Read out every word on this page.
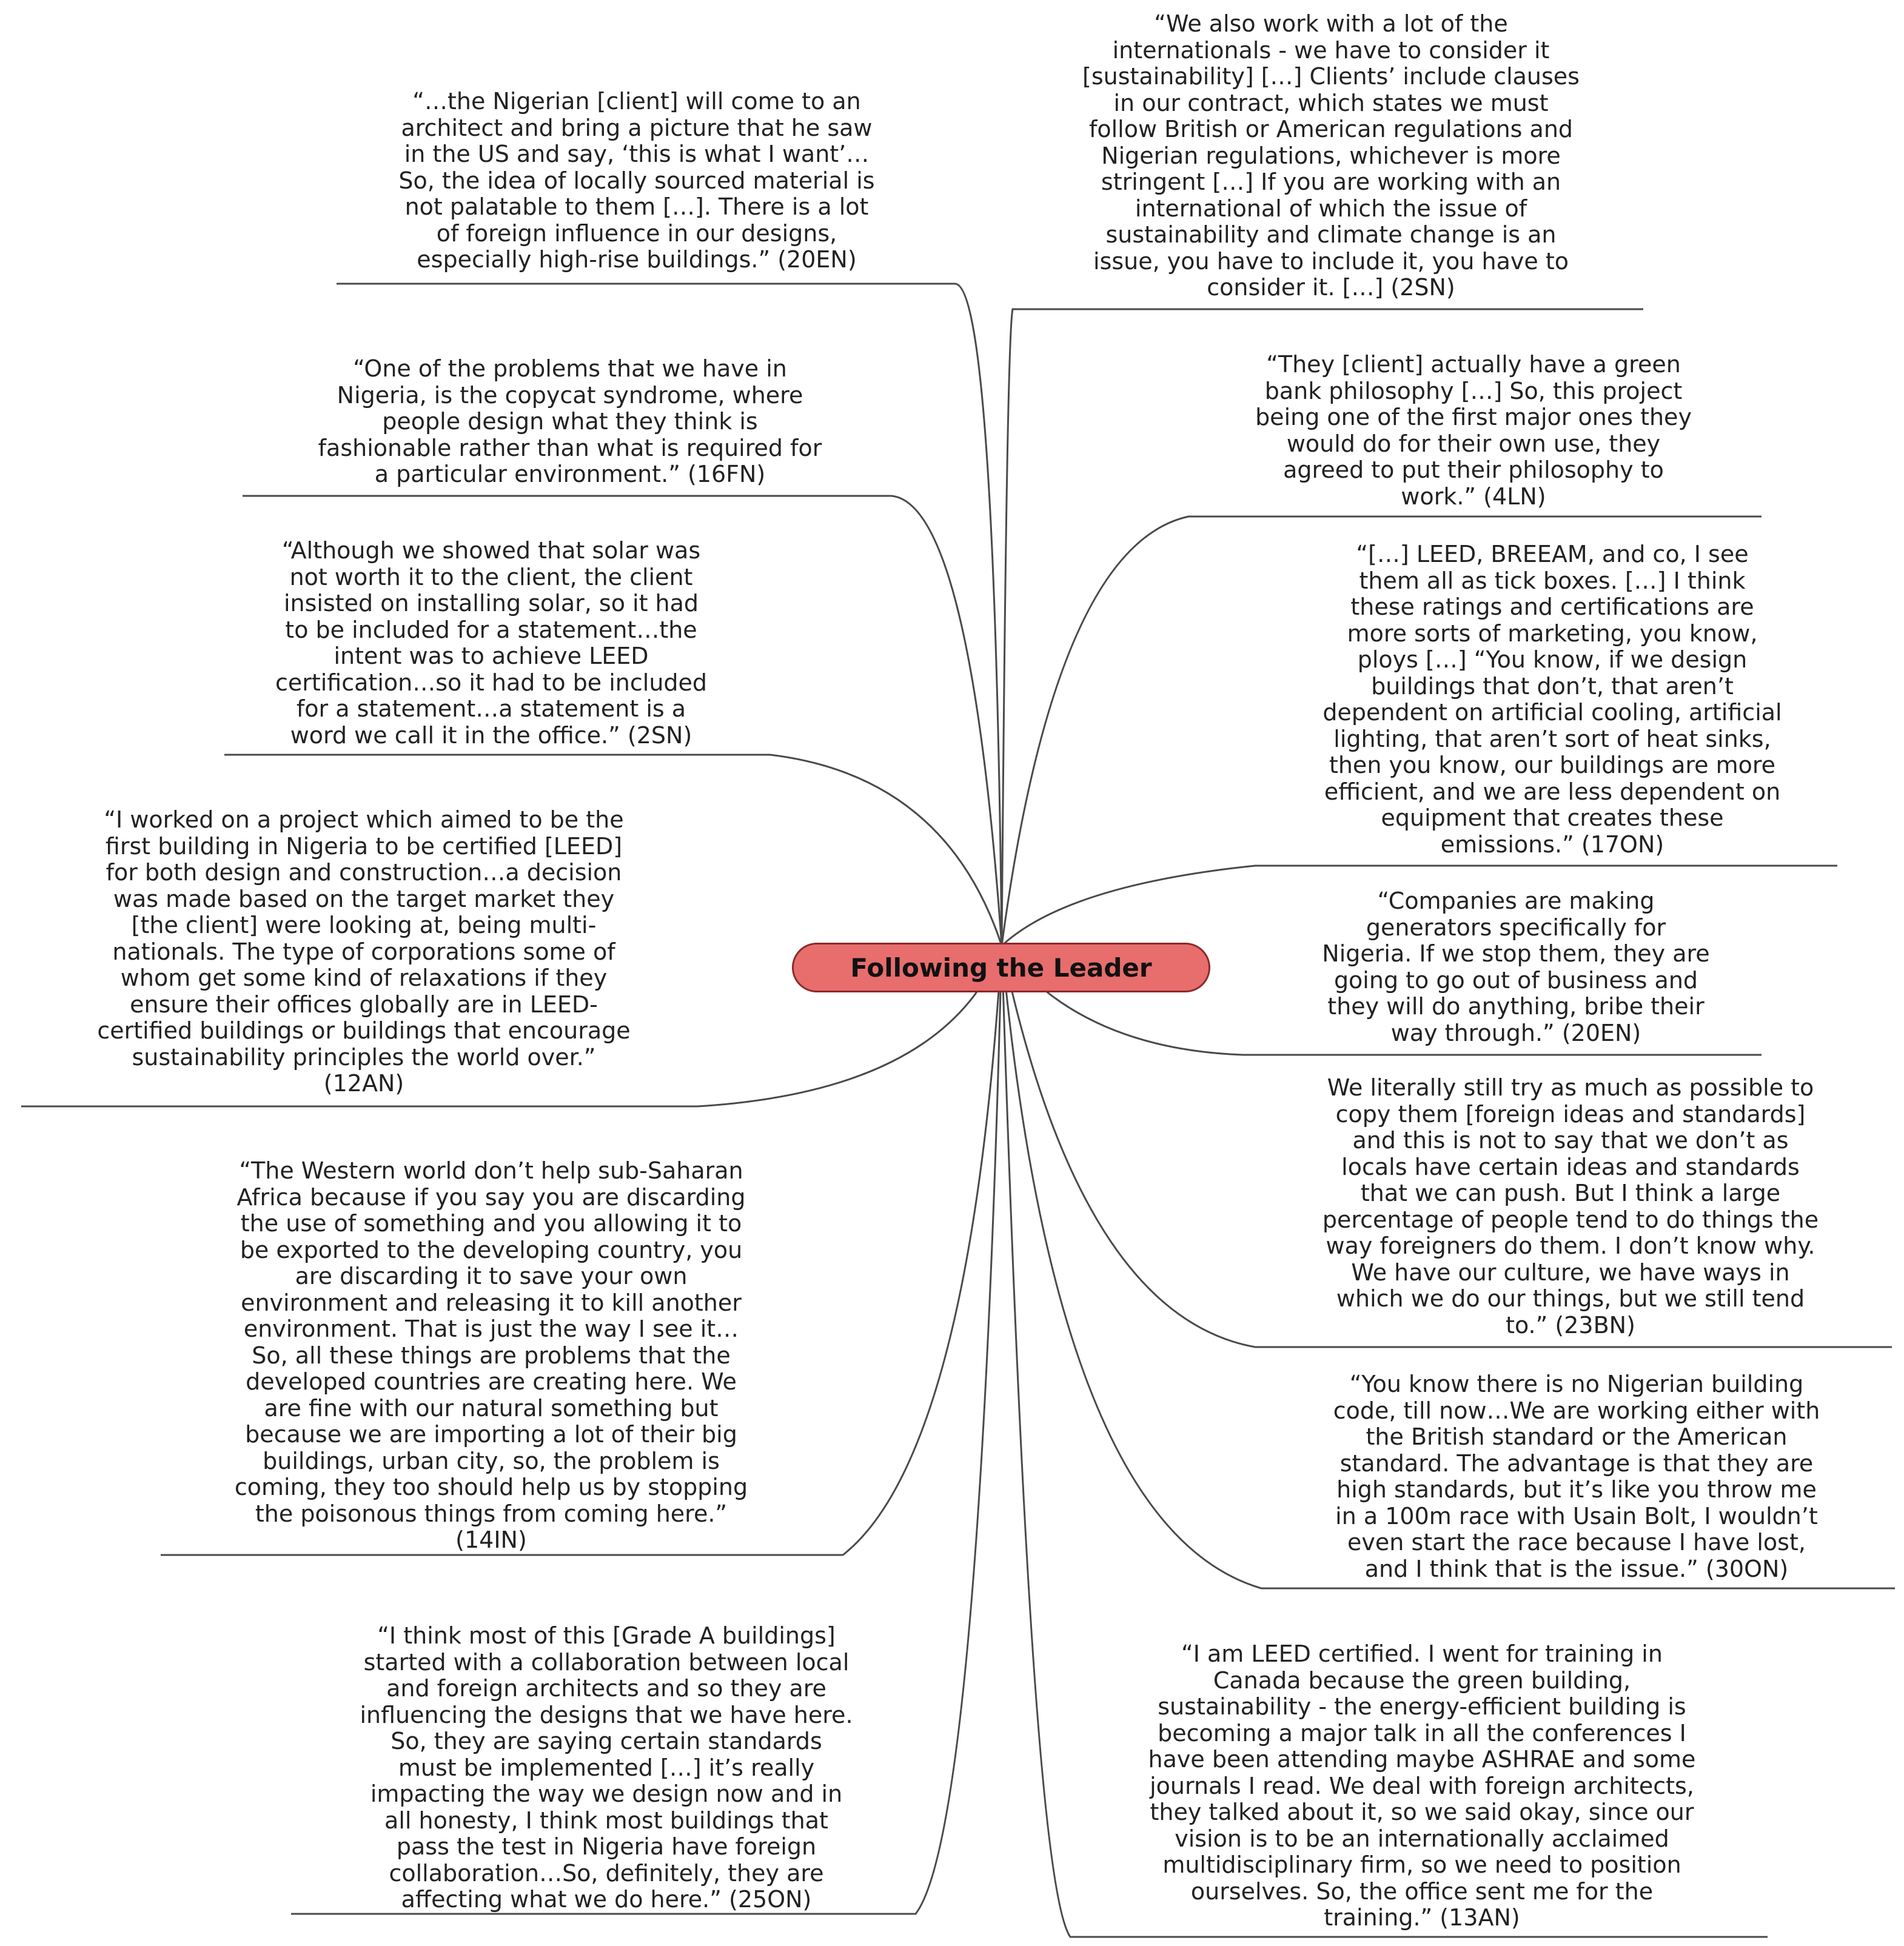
Following the Leader

“…the Nigerian [client] will come to an
architect and bring a picture that he saw
in the US and say, ‘this is what I want’…
So, the idea of locally sourced material is
not palatable to them […]. There is a lot
of foreign influence in our designs,
especially high-rise buildings.” (20EN)

“One of the problems that we have in
Nigeria, is the copycat syndrome, where
people design what they think is
fashionable rather than what is required for
a particular environment.” (16FN)

“Although we showed that solar was
not worth it to the client, the client
insisted on installing solar, so it had
to be included for a statement…the
intent was to achieve LEED
certification…so it had to be included
for a statement…a statement is a
word we call it in the office.” (2SN)

“I worked on a project which aimed to be the
first building in Nigeria to be certified [LEED]
for both design and construction…a decision
was made based on the target market they
[the client] were looking at, being multi-
nationals. The type of corporations some of
whom get some kind of relaxations if they
ensure their offices globally are in LEED-
certified buildings or buildings that encourage
sustainability principles the world over.”
(12AN)

“The Western world don’t help sub-Saharan
Africa because if you say you are discarding
the use of something and you allowing it to
be exported to the developing country, you
are discarding it to save your own
environment and releasing it to kill another
environment. That is just the way I see it…
So, all these things are problems that the
developed countries are creating here. We
are fine with our natural something but
because we are importing a lot of their big
buildings, urban city, so, the problem is
coming, they too should help us by stopping
the poisonous things from coming here.”
(14IN)

“I think most of this [Grade A buildings]
started with a collaboration between local
and foreign architects and so they are
influencing the designs that we have here.
So, they are saying certain standards
must be implemented […] it’s really
impacting the way we design now and in
all honesty, I think most buildings that
pass the test in Nigeria have foreign
collaboration…So, definitely, they are
affecting what we do here.” (25ON)

“We also work with a lot of the
internationals - we have to consider it
[sustainability] […] Clients’ include clauses
in our contract, which states we must
follow British or American regulations and
Nigerian regulations, whichever is more
stringent […] If you are working with an
international of which the issue of
sustainability and climate change is an
issue, you have to include it, you have to
consider it. […] (2SN)

“They [client] actually have a green
bank philosophy […] So, this project
being one of the first major ones they
would do for their own use, they
agreed to put their philosophy to
work.” (4LN)

“[…] LEED, BREEAM, and co, I see
them all as tick boxes. […] I think
these ratings and certifications are
more sorts of marketing, you know,
ploys […] “You know, if we design
buildings that don’t, that aren’t
dependent on artificial cooling, artificial
lighting, that aren’t sort of heat sinks,
then you know, our buildings are more
efficient, and we are less dependent on
equipment that creates these
emissions.” (17ON)

“Companies are making
generators specifically for
Nigeria. If we stop them, they are
going to go out of business and
they will do anything, bribe their
way through.” (20EN)

We literally still try as much as possible to
copy them [foreign ideas and standards]
and this is not to say that we don’t as
locals have certain ideas and standards
that we can push. But I think a large
percentage of people tend to do things the
way foreigners do them. I don’t know why.
We have our culture, we have ways in
which we do our things, but we still tend
to.” (23BN)

“You know there is no Nigerian building
code, till now…We are working either with
the British standard or the American
standard. The advantage is that they are
high standards, but it’s like you throw me
in a 100m race with Usain Bolt, I wouldn’t
even start the race because I have lost,
and I think that is the issue.” (30ON)

“I am LEED certified. I went for training in
Canada because the green building,
sustainability - the energy-efficient building is
becoming a major talk in all the conferences I
have been attending maybe ASHRAE and some
journals I read. We deal with foreign architects,
they talked about it, so we said okay, since our
vision is to be an internationally acclaimed
multidisciplinary firm, so we need to position
ourselves. So, the office sent me for the
training.” (13AN)
